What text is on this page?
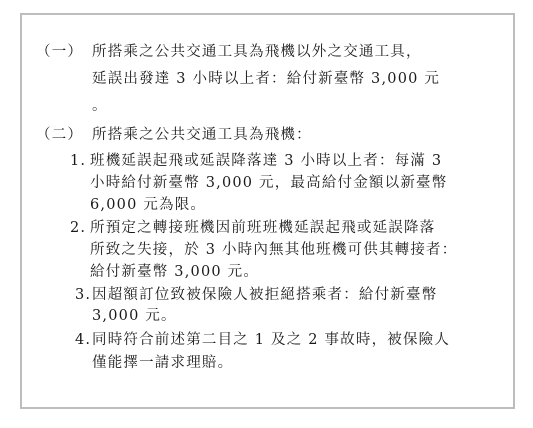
（一） 所搭乘之公共交通工具為飛機以外之交通工具，
延誤出發達 3 小時以上者：給付新臺幣 3,000 元
。
（二） 所搭乘之公共交通工具為飛機：
1. 班機延誤起飛或延誤降落達 3 小時以上者：每滿 3
小時給付新臺幣 3,000 元，最高給付金額以新臺幣
6,000 元為限。
2. 所預定之轉接班機因前班班機延誤起飛或延誤降落
所致之失接，於 3 小時內無其他班機可供其轉接者：
給付新臺幣 3,000 元。
3. 因超額訂位致被保險人被拒絕搭乘者：給付新臺幣
3,000 元。
4. 同時符合前述第二目之 1 及之 2 事故時，被保險人
僅能擇一請求理賠。
